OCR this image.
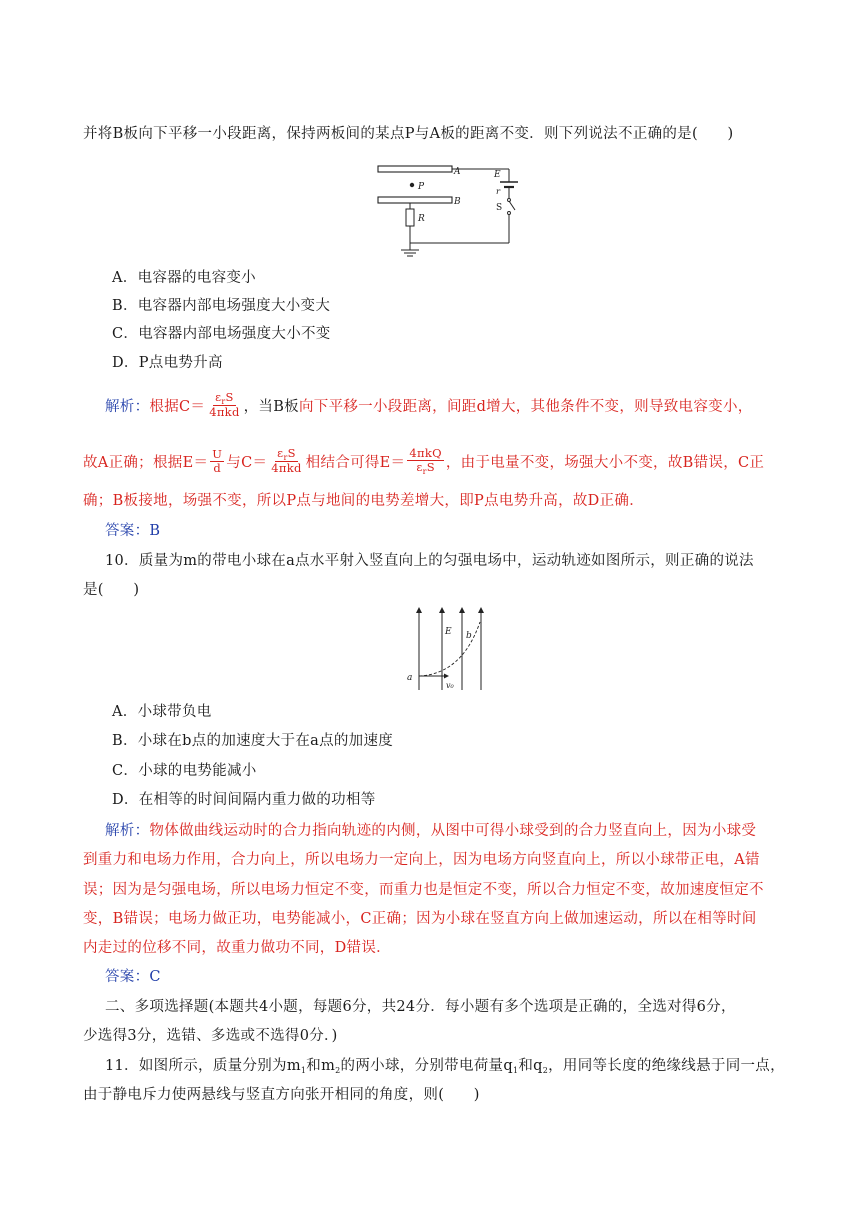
并将B板向下平移一小段距离，保持两板间的某点P与A板的距离不变．则下列说法不正确的是(　　)
A
B
P
R
E
r
S
A．电容器的电容变小
B．电容器内部电场强度大小变大
C．电容器内部电场强度大小不变
D．P点电势升高
解析：根据$C= \frac{\varepsilon_rS}{\text{4πkd}}$ ，当B板向下平移一小段距离，间距d增大，其他条件不变，则导致电容变小，
故A正确；根据$E= \frac{U}{d}$ 与$C= \frac{\varepsilon_rS}{\text{4πkd}}$ 相结合可得$E= \frac{\text{4πkQ}}{\varepsilon_rS}$ ，由于电量不变，场强大小不变，故B错误，C正
确；B板接地，场强不变，所以P点与地间的电势差增大，即P点电势升高，故D正确．
答案：B
10．质量为m的带电小球在a点水平射入竖直向上的匀强电场中，运动轨迹如图所示，则正确的说法
是(　　)
a
E b
v₀
A．小球带负电
B．小球在b点的加速度大于在a点的加速度
C．小球的电势能减小
D．在相等的时间间隔内重力做的功相等
解析：物体做曲线运动时的合力指向轨迹的内侧，从图中可得小球受到的合力竖直向上，因为小球受
到重力和电场力作用，合力向上，所以电场力一定向上，因为电场方向竖直向上，所以小球带正电，A错
误；因为是匀强电场，所以电场力恒定不变，而重力也是恒定不变，所以合力恒定不变，故加速度恒定不
变，B错误；电场力做正功，电势能减小，C正确；因为小球在竖直方向上做加速运动，所以在相等时间
内走过的位移不同，故重力做功不同，D错误．
答案：C
二、多项选择题(本题共4小题，每题6分，共24分．每小题有多个选项是正确的，全选对得6分，
少选得3分，选错、多选或不选得0分．)
11．如图所示，质量分别为$m_1$和$m_2$的两小球，分别带电荷量$q_1$和$q_2$，用同等长度的绝缘线悬于同一点，
由于静电斥力使两悬线与竖直方向张开相同的角度，则(　　)
